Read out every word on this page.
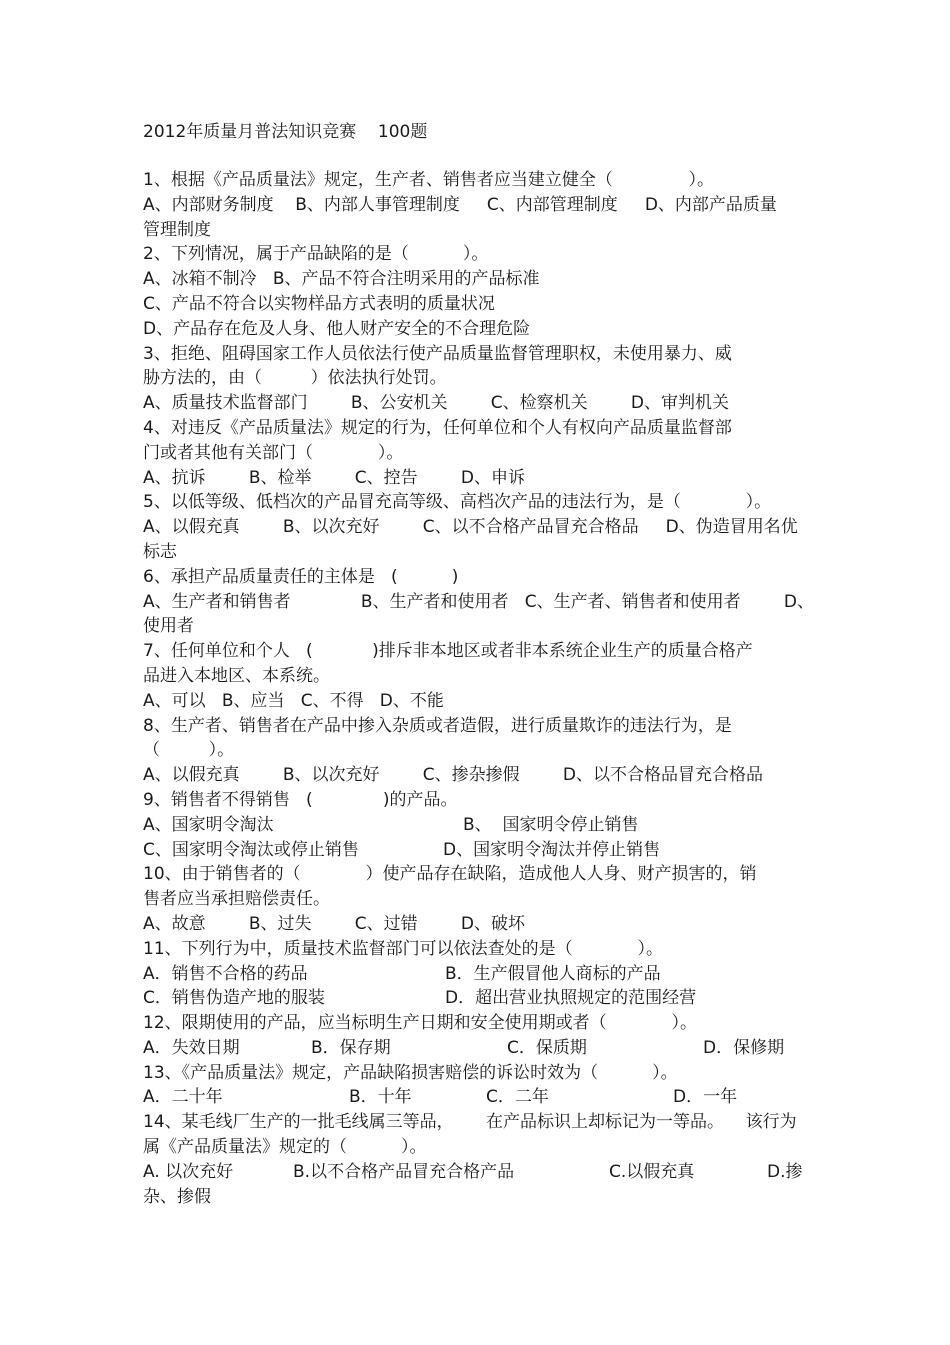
2012年质量月普法知识竞赛    100题
1、根据《产品质量法》规定，生产者、销售者应当建立健全（              ）。
A、内部财务制度    B、内部人事管理制度     C、内部管理制度     D、内部产品质量
管理制度
2、下列情况，属于产品缺陷的是（          ）。
A、冰箱不制冷   B、产品不符合注明采用的产品标准
C、产品不符合以实物样品方式表明的质量状况
D、产品存在危及人身、他人财产安全的不合理危险
3、拒绝、阻碍国家工作人员依法行使产品质量监督管理职权，未使用暴力、威
胁方法的，由（         ）依法执行处罚。
A、质量技术监督部门        B、公安机关        C、检察机关        D、审判机关
4、对违反《产品质量法》规定的行为，任何单位和个人有权向产品质量监督部
门或者其他有关部门（            ）。
A、抗诉        B、检举        C、控告        D、申诉
5、以低等级、低档次的产品冒充高等级、高档次产品的违法行为，是（            ）。
A、以假充真        B、以次充好        C、以不合格产品冒充合格品     D、伪造冒用名优
标志
6、承担产品质量责任的主体是   (          )
A、生产者和销售者             B、生产者和使用者   C、生产者、销售者和使用者        D、
使用者
7、任何单位和个人   (           )排斥非本地区或者非本系统企业生产的质量合格产
品进入本地区、本系统。
A、可以   B、应当   C、不得   D、不能
8、生产者、销售者在产品中掺入杂质或者造假，进行质量欺诈的违法行为，是
（         ）。
A、以假充真        B、以次充好        C、掺杂掺假        D、以不合格品冒充合格品
9、销售者不得销售   (             )的产品。
A、国家明令淘汰	B、  国家明令停止销售
C、国家明令淘汰或停止销售	D、国家明令淘汰并停止销售
10、由于销售者的（            ）使产品存在缺陷，造成他人人身、财产损害的，销
售者应当承担赔偿责任。
A、故意        B、过失        C、过错        D、破坏
11、下列行为中，质量技术监督部门可以依法查处的是（            ）。
A．销售不合格的药品	B．生产假冒他人商标的产品
C．销售伪造产地的服装	D．超出营业执照规定的范围经营
12、限期使用的产品，应当标明生产日期和安全使用期或者（            ）。
A．失效日期	B．保存期	C．保质期	D．保修期
13、《产品质量法》规定，产品缺陷损害赔偿的诉讼时效为（          ）。
A．二十年	B．十年	C．二年	D．一年
14、某毛线厂生产的一批毛线属三等品，      在产品标识上却标记为一等品。    该行为
属《产品质量法》规定的（          ）。
A. 以次充好	B.以不合格产品冒充合格产品	C.以假充真	D.掺
杂、掺假
